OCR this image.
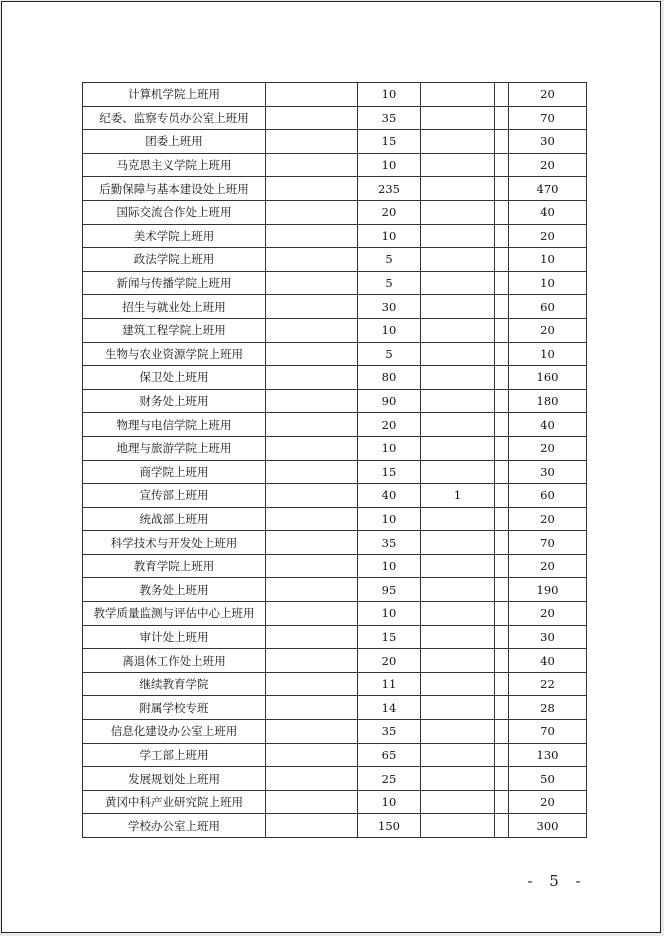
计算机学院上班用		10			20
纪委、监察专员办公室上班用		35			70
团委上班用		15			30
马克思主义学院上班用		10			20
后勤保障与基本建设处上班用		235			470
国际交流合作处上班用		20			40
美术学院上班用		10			20
政法学院上班用		5			10
新闻与传播学院上班用		5			10
招生与就业处上班用		30			60
建筑工程学院上班用		10			20
生物与农业资源学院上班用		5			10
保卫处上班用		80			160
财务处上班用		90			180
物理与电信学院上班用		20			40
地理与旅游学院上班用		10			20
商学院上班用		15			30
宣传部上班用		40	1		60
统战部上班用		10			20
科学技术与开发处上班用		35			70
教育学院上班用		10			20
教务处上班用		95			190
教学质量监测与评估中心上班用		10			20
审计处上班用		15			30
离退休工作处上班用		20			40
继续教育学院		11			22
附属学校专班		14			28
信息化建设办公室上班用		35			70
学工部上班用		65			130
发展规划处上班用		25			50
黄冈中科产业研究院上班用		10			20
学校办公室上班用		150			300
- 5 -
